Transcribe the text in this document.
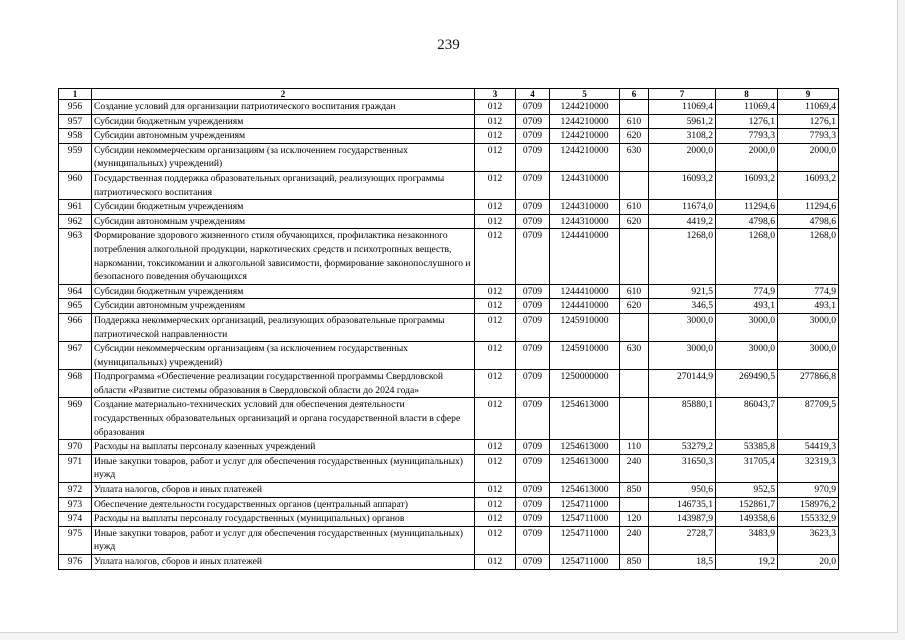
239
1	2	3	4	5	6	7	8	9
956	Создание условий для организации патриотического воспитания граждан	012	0709	1244210000		11069,4	11069,4	11069,4
957	Субсидии бюджетным учреждениям	012	0709	1244210000	610	5961,2	1276,1	1276,1
958	Субсидии автономным учреждениям	012	0709	1244210000	620	3108,2	7793,3	7793,3
959	Субсидии некоммерческим организациям (за исключением государственных (муниципальных) учреждений)	012	0709	1244210000	630	2000,0	2000,0	2000,0
960	Государственная поддержка образовательных организаций, реализующих программы патриотического воспитания	012	0709	1244310000		16093,2	16093,2	16093,2
961	Субсидии бюджетным учреждениям	012	0709	1244310000	610	11674,0	11294,6	11294,6
962	Субсидии автономным учреждениям	012	0709	1244310000	620	4419,2	4798,6	4798,6
963	Формирование здорового жизненного стиля обучающихся, профилактика незаконного потребления алкогольной продукции, наркотических средств и психотропных веществ, наркомании, токсикомании и алкогольной зависимости, формирование законопослушного и безопасного поведения обучающихся	012	0709	1244410000		1268,0	1268,0	1268,0
964	Субсидии бюджетным учреждениям	012	0709	1244410000	610	921,5	774,9	774,9
965	Субсидии автономным учреждениям	012	0709	1244410000	620	346,5	493,1	493,1
966	Поддержка некоммерческих организаций, реализующих образовательные программы патриотической направленности	012	0709	1245910000		3000,0	3000,0	3000,0
967	Субсидии некоммерческим организациям (за исключением государственных (муниципальных) учреждений)	012	0709	1245910000	630	3000,0	3000,0	3000,0
968	Подпрограмма «Обеспечение реализации государственной программы Свердловской области «Развитие системы образования в Свердловской области до 2024 года»	012	0709	1250000000		270144,9	269490,5	277866,8
969	Создание материально-технических условий для обеспечения деятельности государственных образовательных организаций и органа государственной власти в сфере образования	012	0709	1254613000		85880,1	86043,7	87709,5
970	Расходы на выплаты персоналу казенных учреждений	012	0709	1254613000	110	53279,2	53385,8	54419,3
971	Иные закупки товаров, работ и услуг для обеспечения государственных (муниципальных) нужд	012	0709	1254613000	240	31650,3	31705,4	32319,3
972	Уплата налогов, сборов и иных платежей	012	0709	1254613000	850	950,6	952,5	970,9
973	Обеспечение деятельности государственных органов (центральный аппарат)	012	0709	1254711000		146735,1	152861,7	158976,2
974	Расходы на выплаты персоналу государственных (муниципальных) органов	012	0709	1254711000	120	143987,9	149358,6	155332,9
975	Иные закупки товаров, работ и услуг для обеспечения государственных (муниципальных) нужд	012	0709	1254711000	240	2728,7	3483,9	3623,3
976	Уплата налогов, сборов и иных платежей	012	0709	1254711000	850	18,5	19,2	20,0
